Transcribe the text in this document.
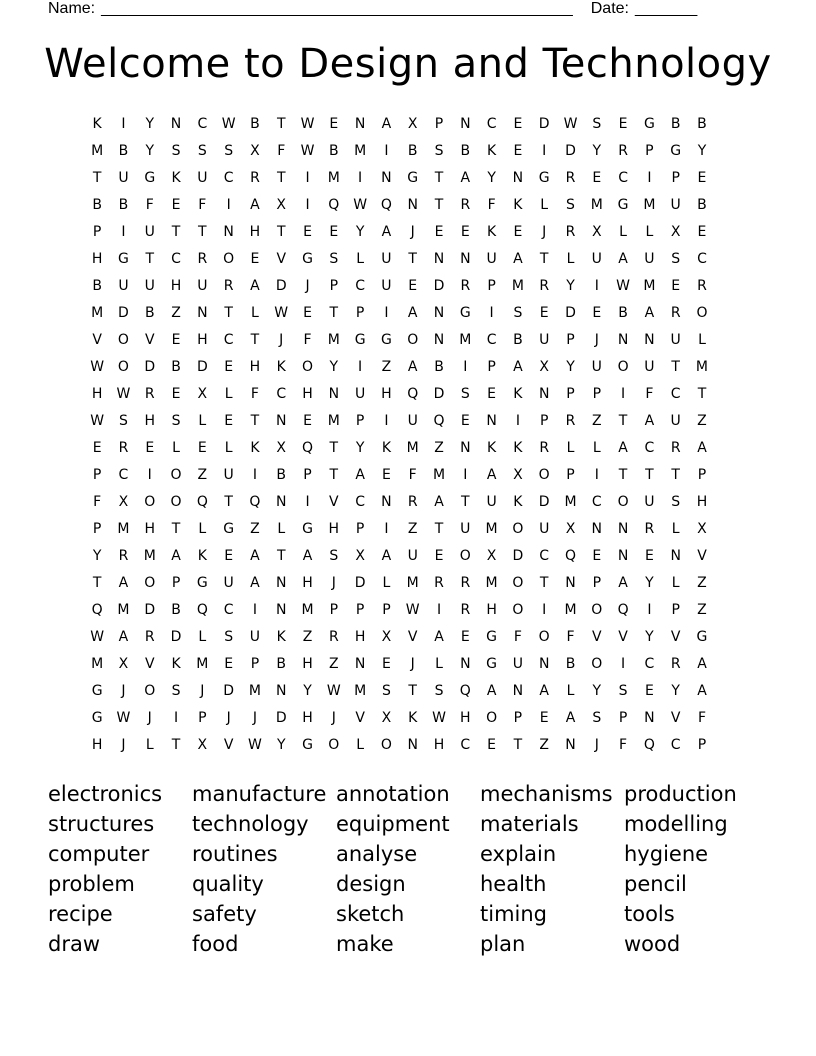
Name: _____________________________________________________ Date: _______
Welcome to Design and Technology
K	I	Y	N	C	W	B	T	W	E	N	A	X	P	N	C	E	D W	S	E	G	B	B
M	B	Y	S	S	S	X	F	W	B	M	I	B	S	B	K	E	I	D	Y	R	P	G	Y
T	U	G	K	U	C	R	T	I	M	I	N	G	T	A	Y	N	G	R	E	C	I	P	E
B	B	F	E	F	I	A	X	I	Q W Q	N	T	R	F	K	L	S	M	G	M	U	B
P	I	U	T	T	N	H	T	E	E	Y	A	J	E	E	K	E	J	R	X	L	L	X	E
H	G	T	C	R	O	E	V	G	S	L	U	T	N	N	U	A	T	L	U	A	U	S	C
B	U	U	H	U	R	A	D	J	P	C	U	E	D	R	P	M	R	Y	I	W M	E	R
M	D	B	Z	N	T	L	W	E	T	P	I	A	N	G	I	S	E	D	E	B	A	R	O
V	O	V	E	H	C	T	J	F	M	G	G	O	N	M	C	B	U	P	J	N	N	U	L
W O	D	B	D	E	H	K	O	Y	I	Z	A	B	I	P	A	X	Y	U	O	U	T	M
H	W	R	E	X	L	F	C	H	N	U	H	Q	D	S	E	K	N	P	P	I	F	C	T
W	S	H	S	L	E	T	N	E	M	P	I	U	Q	E	N	I	P	R	Z	T	A	U	Z
E	R	E	L	E	L	K	X	Q	T	Y	K	M	Z	N	K	K	R	L	L	A	C	R	A
P	C	I	O	Z	U	I	B	P	T	A	E	F	M	I	A	X	O	P	I	T	T	T	P
F	X	O	O	Q	T	Q	N	I	V	C	N	R	A	T	U	K	D	M	C	O	U	S	H
P	M	H	T	L	G	Z	L	G	H	P	I	Z	T	U	M	O	U	X	N	N	R	L	X
Y	R	M	A	K	E	A	T	A	S	X	A	U	E	O	X	D	C	Q	E	N	E	N	V
T	A	O	P	G	U	A	N	H	J	D	L	M	R	R	M	O	T	N	P	A	Y	L	Z
Q	M	D	B	Q	C	I	N	M	P	P	P	W	I	R	H	O	I	M	O	Q	I	P	Z
W	A	R	D	L	S	U	K	Z	R	H	X	V	A	E	G	F	O	F	V	V	Y	V	G
M	X	V	K	M	E	P	B	H	Z	N	E	J	L	N	G	U	N	B	O	I	C	R	A
G	J	O	S	J	D	M	N	Y	W M	S	T	S	Q	A	N	A	L	Y	S	E	Y	A
G W	J	I	P	J	J	D	H	J	V	X	K	W	H	O	P	E	A	S	P	N	V	F
H	J	L	T	X	V	W	Y	G	O	L	O	N	H	C	E	T	Z	N	J	F	Q	C	P
electronics	manufacture annotation	mechanisms production
structures	technology	equipment	materials	modelling
computer	routines	analyse	explain	hygiene
problem	quality	design	health	pencil
recipe	safety	sketch	timing	tools
draw	food	make	plan	wood
